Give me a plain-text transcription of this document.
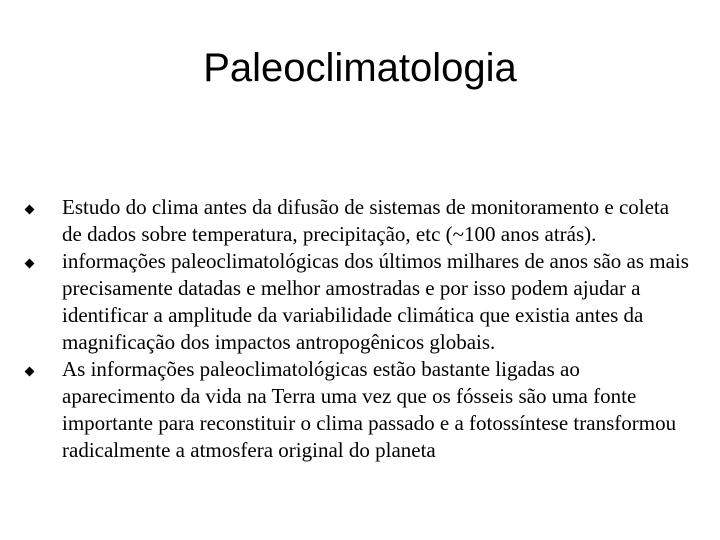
Paleoclimatologia
Estudo do clima antes da difusão de sistemas de monitoramento e coleta de dados sobre temperatura, precipitação, etc (~100 anos atrás).
informações paleoclimatológicas dos últimos milhares de anos são as mais precisamente datadas e melhor amostradas e por isso podem ajudar a identificar a amplitude da variabilidade climática que existia antes da magnificação dos impactos antropogênicos globais.
As informações paleoclimatológicas estão bastante ligadas ao aparecimento da vida na Terra uma vez que os fósseis são uma fonte importante para reconstituir o clima passado e a fotossíntese transformou radicalmente a atmosfera original do planeta
